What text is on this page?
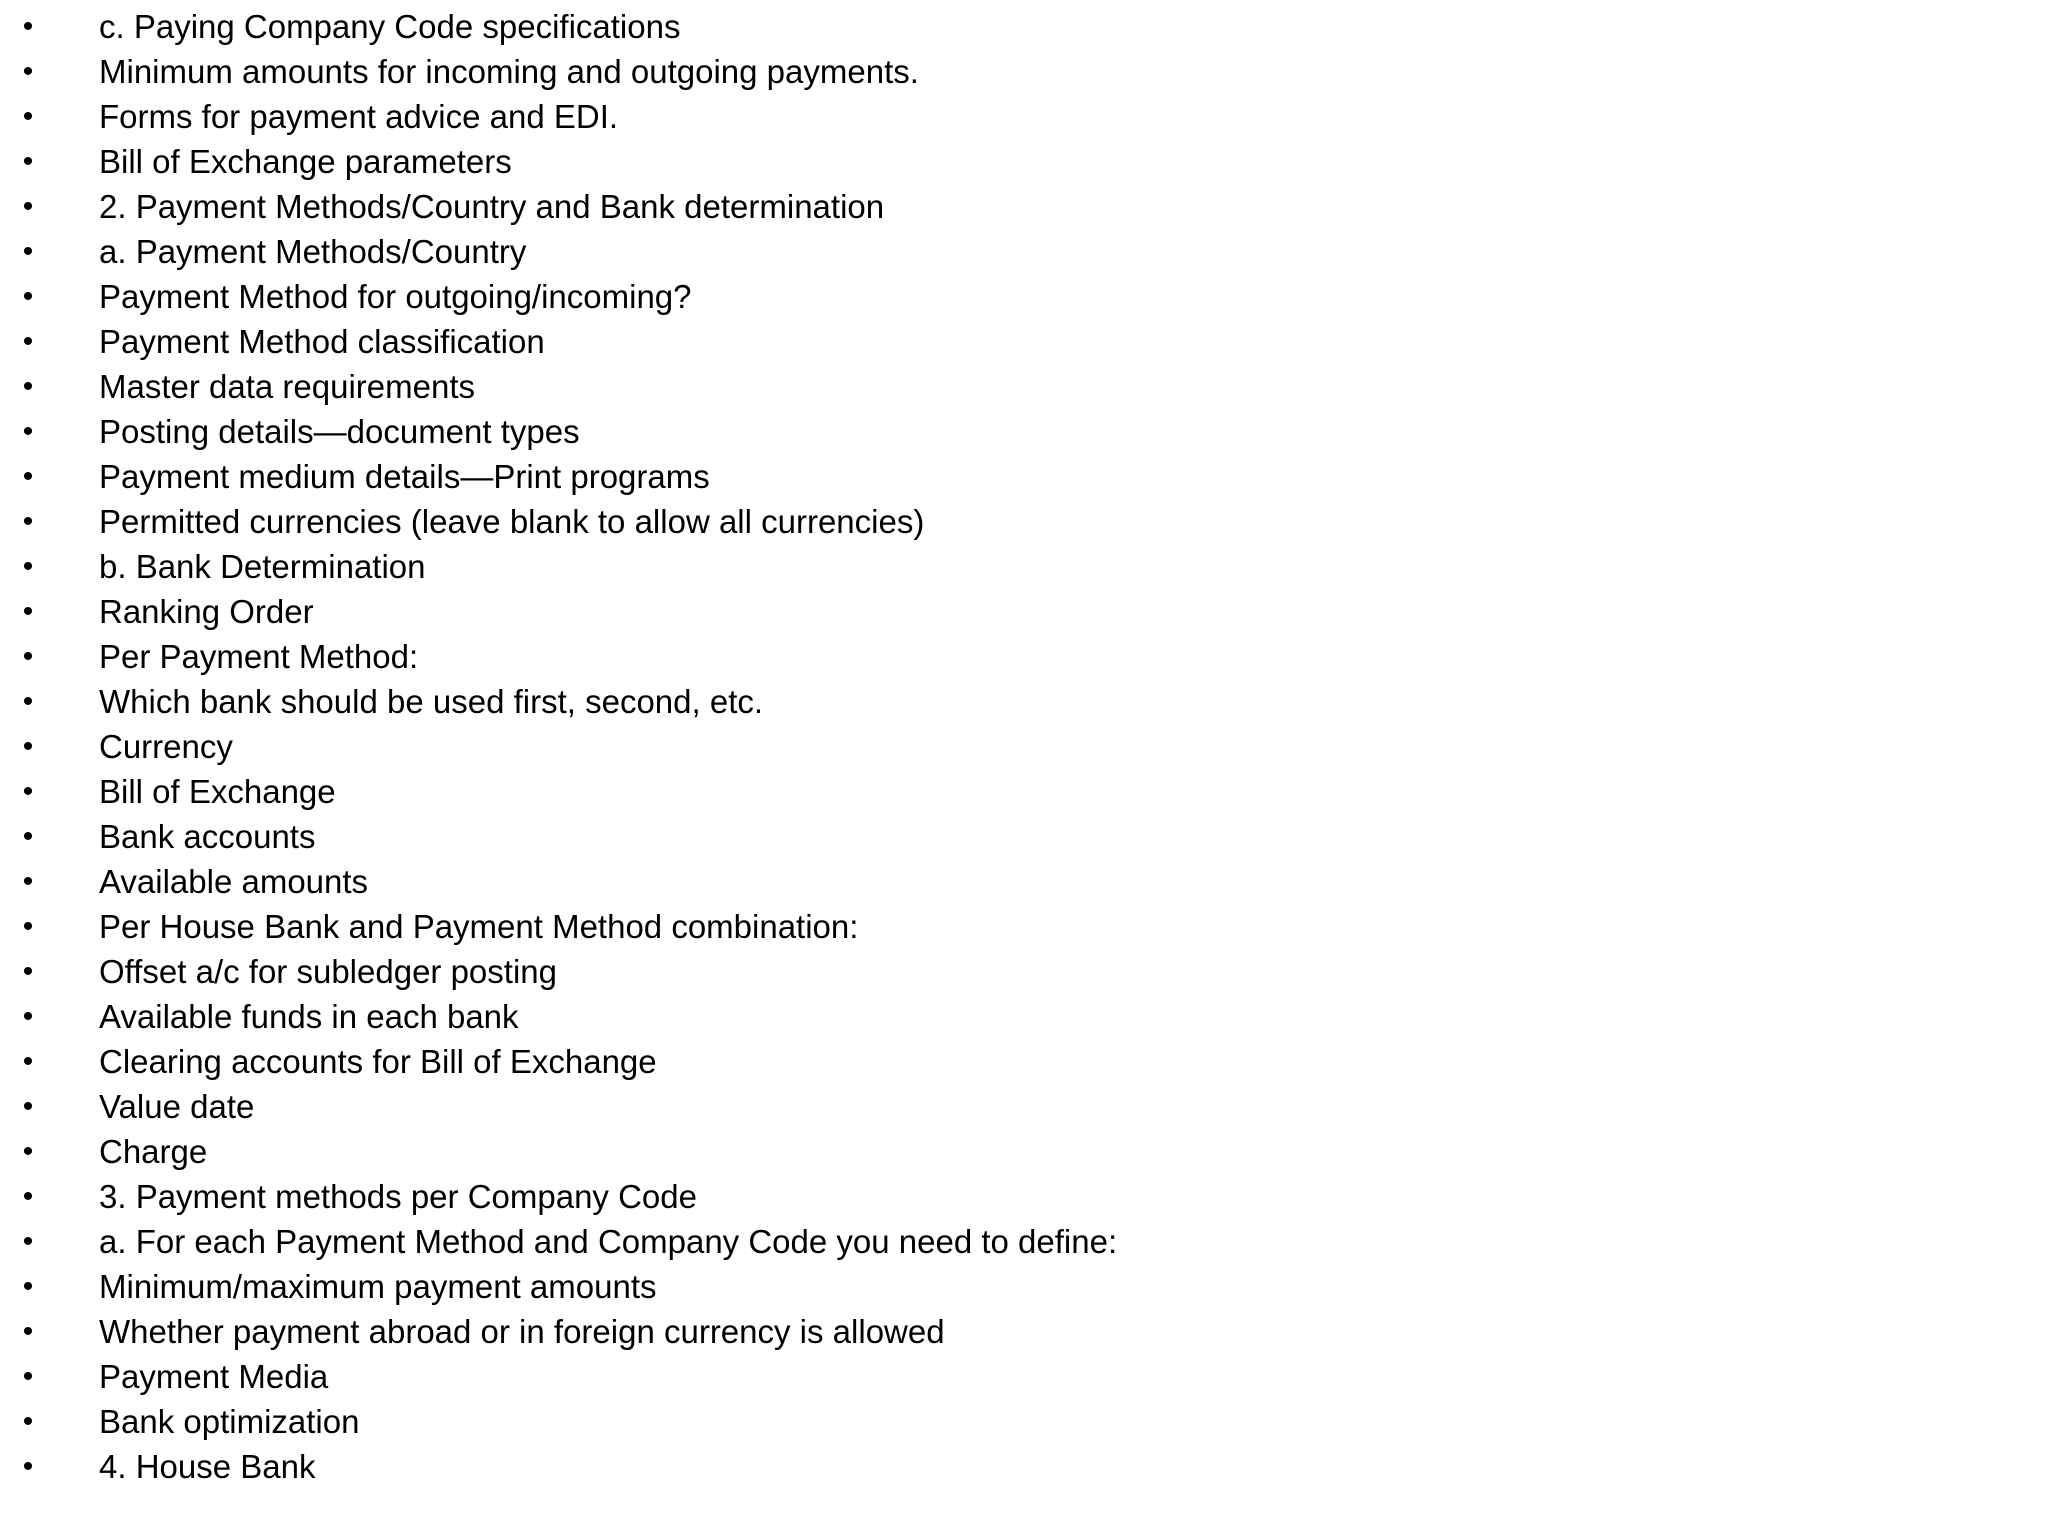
• c. Paying Company Code specifications
• Minimum amounts for incoming and outgoing payments.
• Forms for payment advice and EDI.
• Bill of Exchange parameters
• 2. Payment Methods/Country and Bank determination
• a. Payment Methods/Country
• Payment Method for outgoing/incoming?
• Payment Method classification
• Master data requirements
• Posting details—document types
• Payment medium details—Print programs
• Permitted currencies (leave blank to allow all currencies)
• b. Bank Determination
• Ranking Order
• Per Payment Method:
• Which bank should be used first, second, etc.
• Currency
• Bill of Exchange
• Bank accounts
• Available amounts
• Per House Bank and Payment Method combination:
• Offset a/c for subledger posting
• Available funds in each bank
• Clearing accounts for Bill of Exchange
• Value date
• Charge
• 3. Payment methods per Company Code
• a. For each Payment Method and Company Code you need to define:
• Minimum/maximum payment amounts
• Whether payment abroad or in foreign currency is allowed
• Payment Media
• Bank optimization
• 4. House Bank
